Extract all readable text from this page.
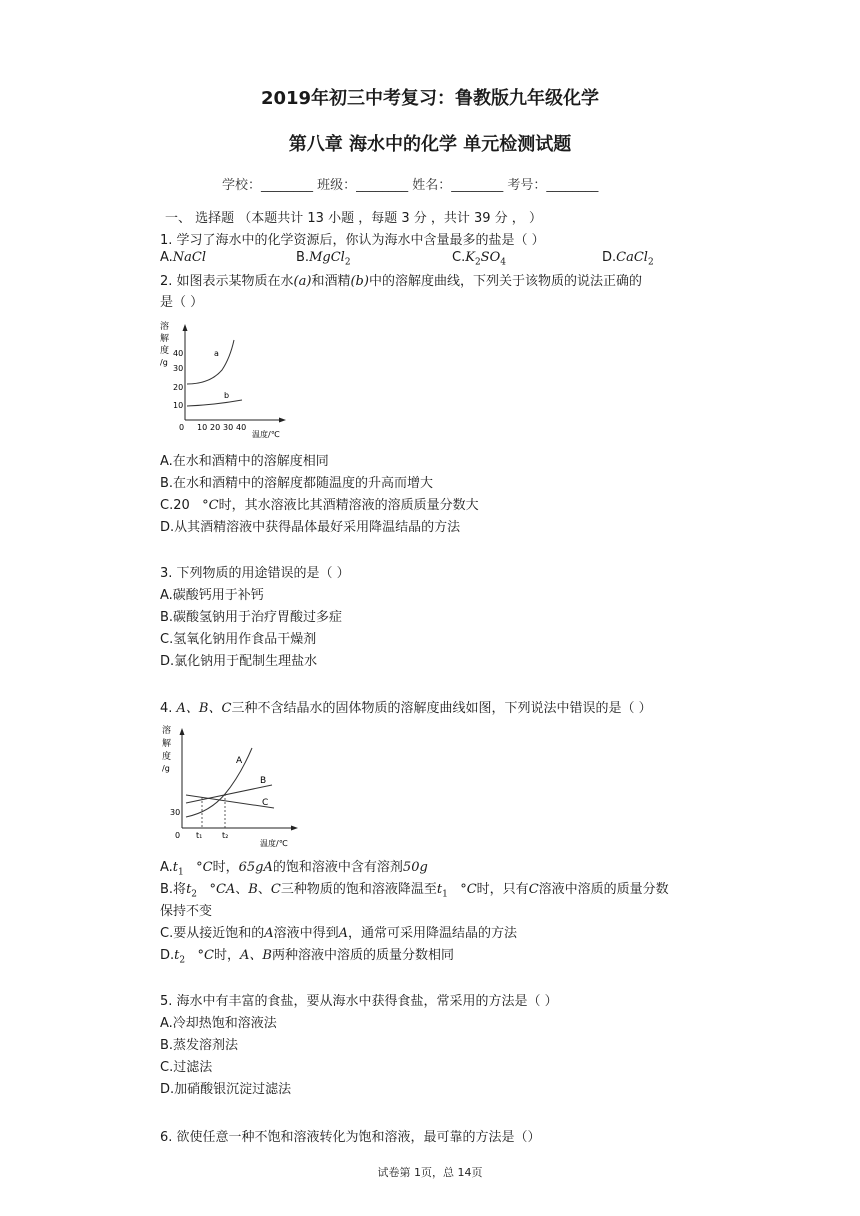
2019年初三中考复习：鲁教版九年级化学
第八章 海水中的化学 单元检测试题
学校：________ 班级：________ 姓名：________ 考号：________
一、 选择题 （本题共计 13 小题 ，每题 3 分 ，共计 39 分 ， ）
1. 学习了海水中的化学资源后，你认为海水中含量最多的盐是（ ）
A.NaCl	B.MgCl$_2$	$C.K_2SO_4$	D.CaCl$_2$
2. 如图表示某物质在水(a)和酒精(b)中的溶解度曲线，下列关于该物质的说法正确的
是（ ）
溶
解
度
/g
40
30
20
10
0 10 20 30 40
温度/℃
a
b
A.在水和酒精中的溶解度相同
B.在水和酒精中的溶解度都随温度的升高而增大
C.20 °C时，其水溶液比其酒精溶液的溶质质量分数大
D.从其酒精溶液中获得晶体最好采用降温结晶的方法
3. 下列物质的用途错误的是（ ）
A.碳酸钙用于补钙
B.碳酸氢钠用于治疗胃酸过多症
C.氢氧化钠用作食品干燥剂
D.氯化钠用于配制生理盐水
4. A、B、C三种不含结晶水的固体物质的溶解度曲线如图，下列说法中错误的是（ ）
溶
解
度
/g
30
0 t₁ t₂
温度/℃
A
B
C
$A.t_1$ °C时，65gA的饱和溶液中含有溶剂50g
B.将$t_2$ °CA、B、C三种物质的饱和溶液降温至$t_1$ °C时，只有C溶液中溶质的质量分数
保持不变
C.要从接近饱和的A溶液中得到A，通常可采用降温结晶的方法
$D.t_2$ °C时，A、B两种溶液中溶质的质量分数相同
5. 海水中有丰富的食盐，要从海水中获得食盐，常采用的方法是（ ）
A.冷却热饱和溶液法
B.蒸发溶剂法
C.过滤法
D.加硝酸银沉淀过滤法
6. 欲使任意一种不饱和溶液转化为饱和溶液，最可靠的方法是（）
试卷第 1页，总 14页
